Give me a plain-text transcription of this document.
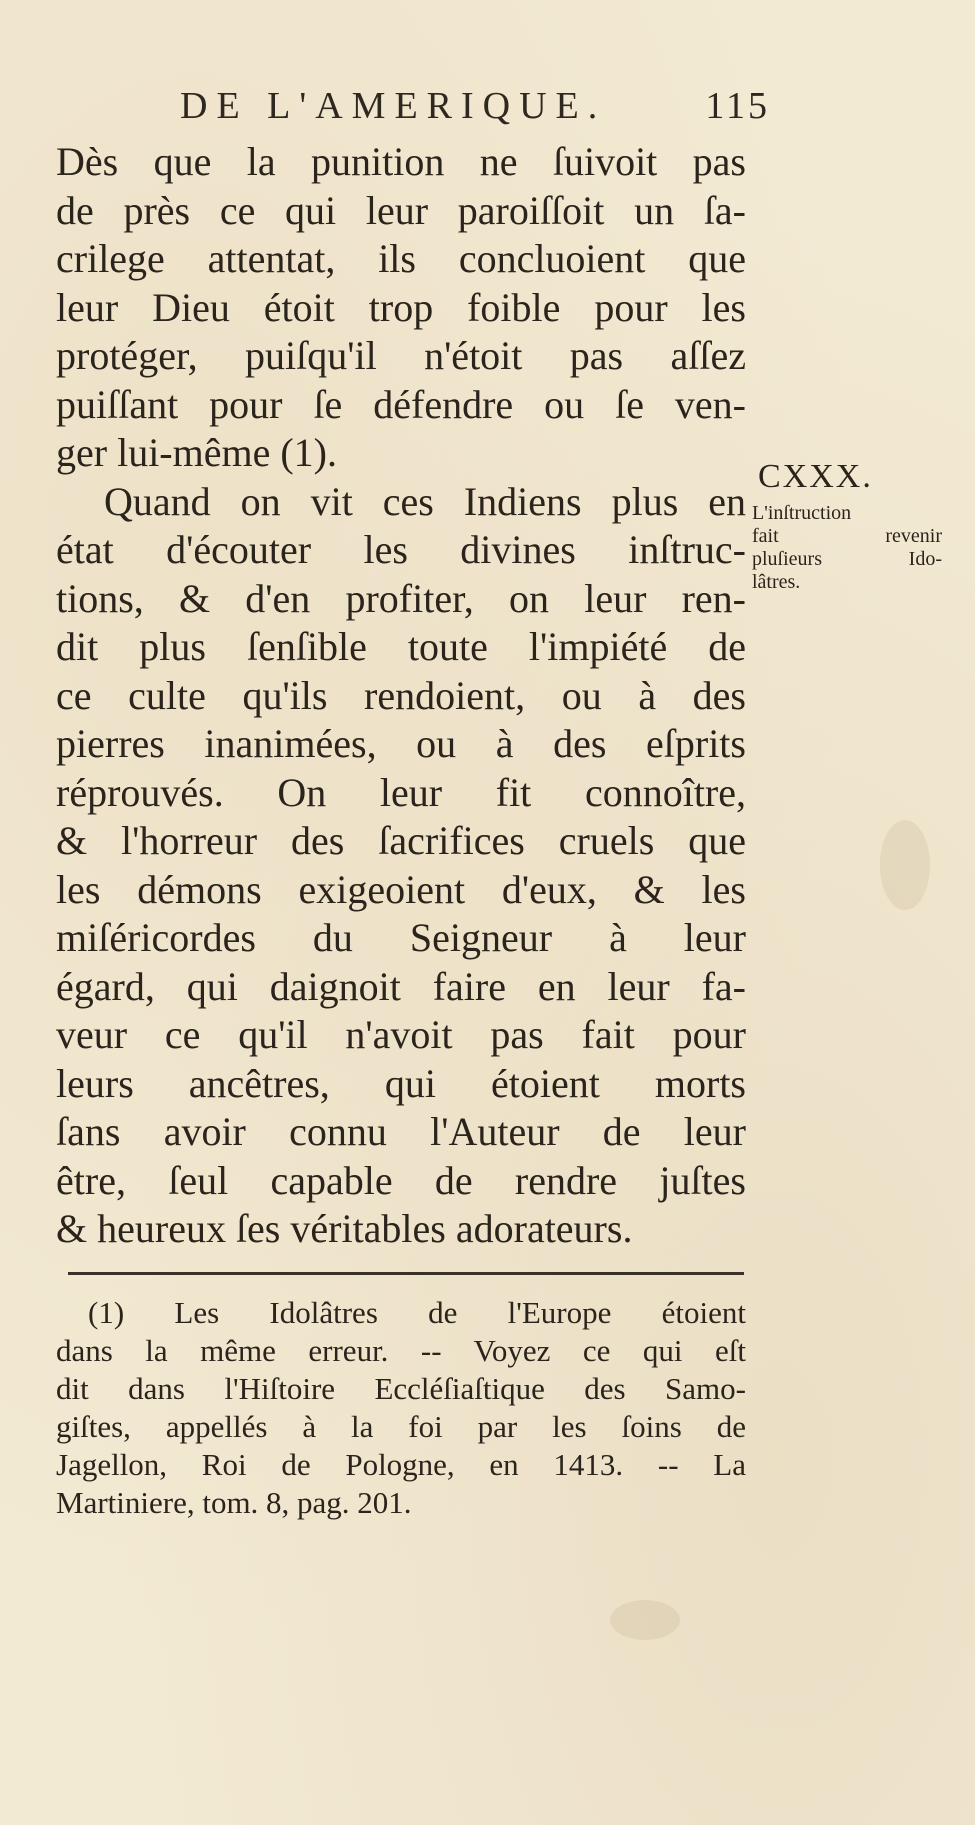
DE L'AMERIQUE.	115
Dès que la punition ne ſuivoit pas
de près ce qui leur paroiſſoit un ſa-
crilege attentat, ils concluoient que
leur Dieu étoit trop foible pour les
protéger, puiſqu'il n'étoit pas aſſez
puiſſant pour ſe défendre ou ſe ven-
ger lui-même (1).
Quand on vit ces Indiens plus en
état d'écouter les divines inſtruc-
tions, & d'en profiter, on leur ren-
dit plus ſenſible toute l'impiété de
ce culte qu'ils rendoient, ou à des
pierres inanimées, ou à des eſprits
réprouvés. On leur fit connoître,
& l'horreur des ſacrifices cruels que
les démons exigeoient d'eux, & les
miſéricordes du Seigneur à leur
égard, qui daignoit faire en leur fa-
veur ce qu'il n'avoit pas fait pour
leurs ancêtres, qui étoient morts
ſans avoir connu l'Auteur de leur
être, ſeul capable de rendre juſtes
& heureux ſes véritables adorateurs.
CXXX.
L'inſtruction
fait revenir
pluſieurs Ido-
lâtres.
(1) Les Idolâtres de l'Europe étoient
dans la même erreur. -- Voyez ce qui eſt
dit dans l'Hiſtoire Eccléſiaſtique des Samo-
giſtes, appellés à la foi par les ſoins de
Jagellon, Roi de Pologne, en 1413. -- La
Martiniere, tom. 8, pag. 201.
